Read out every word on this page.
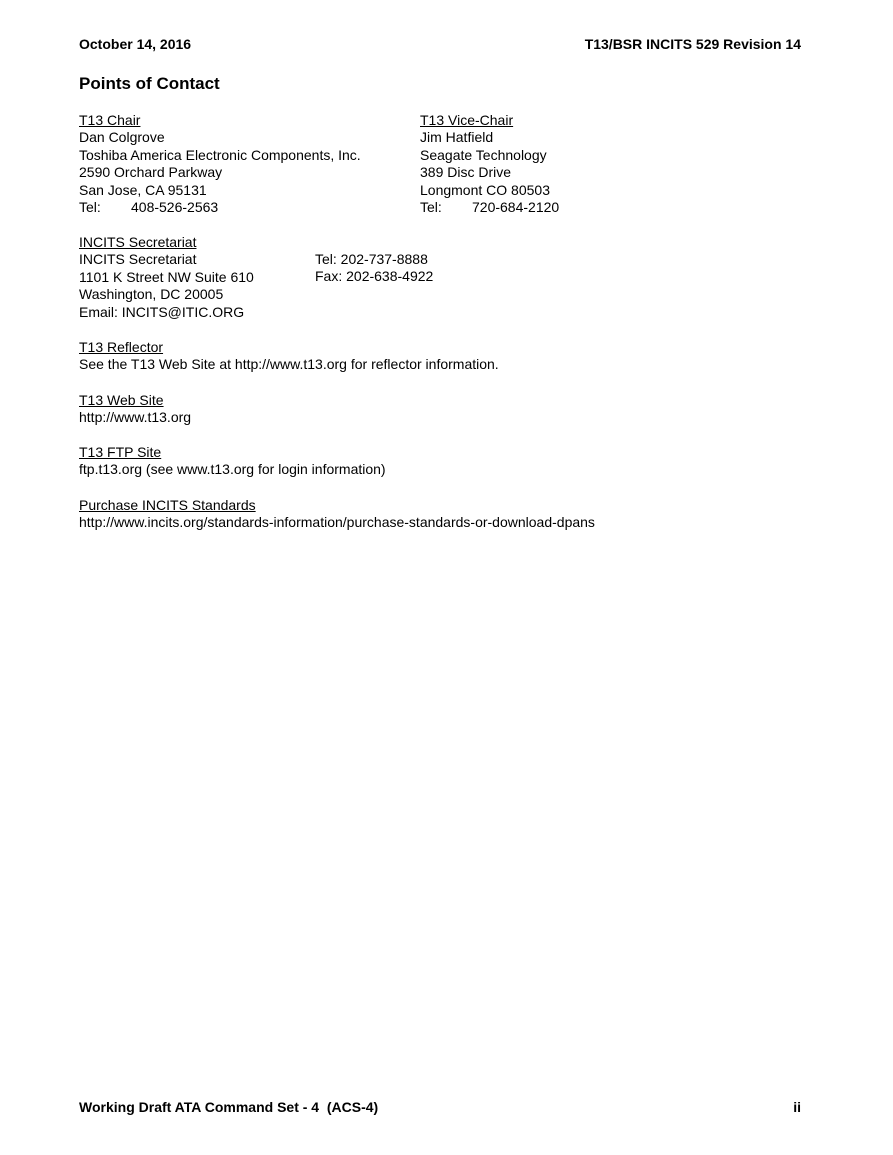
October 14, 2016	T13/BSR INCITS 529 Revision 14
Points of Contact
T13 Chair
Dan Colgrove
Toshiba America Electronic Components, Inc.
2590 Orchard Parkway
San Jose, CA 95131
Tel: 408-526-2563
T13 Vice-Chair
Jim Hatfield
Seagate Technology
389 Disc Drive
Longmont CO 80503
Tel: 720-684-2120
INCITS Secretariat
INCITS Secretariat
1101 K Street NW Suite 610
Washington, DC 20005
Email: INCITS@ITIC.ORG
Tel: 202-737-8888
Fax: 202-638-4922
T13 Reflector
See the T13 Web Site at http://www.t13.org for reflector information.
T13 Web Site
http://www.t13.org
T13 FTP Site
ftp.t13.org (see www.t13.org for login information)
Purchase INCITS Standards
http://www.incits.org/standards-information/purchase-standards-or-download-dpans
Working Draft ATA Command Set - 4  (ACS-4)	ii
